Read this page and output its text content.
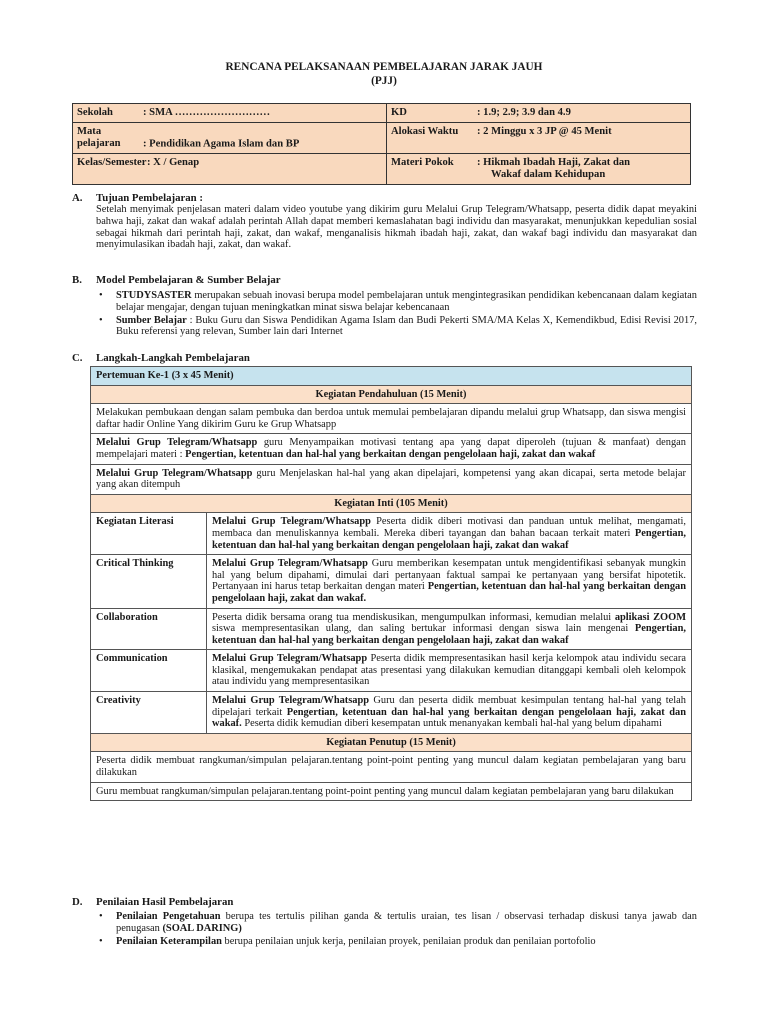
RENCANA PELAKSANAAN PEMBELAJARAN JARAK JAUH
(PJJ)
Sekolah : SMA ………………………	KD : 1.9; 2.9; 3.9 dan 4.9
Mata pelajaran : Pendidikan Agama Islam dan BP	Alokasi Waktu : 2 Minggu x 3 JP @ 45 Menit
Kelas/Semester: X / Genap	Materi Pokok : Hikmah Ibadah Haji, Zakat dan
Wakaf dalam Kehidupan
A. Tujuan Pembelajaran :
Setelah menyimak penjelasan materi dalam video youtube yang dikirim guru Melalui Grup Telegram/Whatsapp, peserta didik dapat meyakini bahwa haji, zakat dan wakaf adalah perintah Allah dapat memberi kemaslahatan bagi individu dan masyarakat, menunjukkan kepedulian sosial sebagai hikmah dari perintah haji, zakat, dan wakaf, menganalisis hikmah ibadah haji, zakat, dan wakaf bagi individu dan masyarakat dan menyimulasikan ibadah haji, zakat, dan wakaf.
B. Model Pembelajaran & Sumber Belajar
• STUDYSASTER merupakan sebuah inovasi berupa model pembelajaran untuk mengintegrasikan pendidikan kebencanaan dalam kegiatan belajar mengajar, dengan tujuan meningkatkan minat siswa belajar kebencanaan
• Sumber Belajar : Buku Guru dan Siswa Pendidikan Agama Islam dan Budi Pekerti SMA/MA Kelas X, Kemendikbud, Edisi Revisi 2017, Buku referensi yang relevan, Sumber lain dari Internet
C. Langkah-Langkah Pembelajaran
Pertemuan Ke-1 (3 x 45 Menit)	
Kegiatan Pendahuluan (15 Menit)	
Melakukan pembukaan dengan salam pembuka dan berdoa untuk memulai pembelajaran dipandu melalui grup Whatsapp, dan siswa mengisi daftar hadir Online Yang dikirim Guru ke Grup Whatsapp	
Melalui Grup Telegram/Whatsapp guru Menyampaikan motivasi tentang apa yang dapat diperoleh (tujuan & manfaat) dengan mempelajari materi : Pengertian, ketentuan dan hal-hal yang berkaitan dengan pengelolaan haji, zakat dan wakaf	
Melalui Grup Telegram/Whatsapp guru Menjelaskan hal-hal yang akan dipelajari, kompetensi yang akan dicapai, serta metode belajar yang akan ditempuh	
Kegiatan Inti (105 Menit)	
Kegiatan Literasi	Melalui Grup Telegram/Whatsapp Peserta didik diberi motivasi dan panduan untuk melihat, mengamati, membaca dan menuliskannya kembali. Mereka diberi tayangan dan bahan bacaan terkait materi Pengertian, ketentuan dan hal-hal yang berkaitan dengan pengelolaan haji, zakat dan wakaf
Critical Thinking	Melalui Grup Telegram/Whatsapp Guru memberikan kesempatan untuk mengidentifikasi sebanyak mungkin hal yang belum dipahami, dimulai dari pertanyaan faktual sampai ke pertanyaan yang bersifat hipotetik. Pertanyaan ini harus tetap berkaitan dengan materi Pengertian, ketentuan dan hal-hal yang berkaitan dengan pengelolaan haji, zakat dan wakaf.
Collaboration	Peserta didik bersama orang tua mendiskusikan, mengumpulkan informasi, kemudian melalui aplikasi ZOOM siswa mempresentasikan ulang, dan saling bertukar informasi dengan siswa lain mengenai Pengertian, ketentuan dan hal-hal yang berkaitan dengan pengelolaan haji, zakat dan wakaf
Communication	Melalui Grup Telegram/Whatsapp Peserta didik mempresentasikan hasil kerja kelompok atau individu secara klasikal, mengemukakan pendapat atas presentasi yang dilakukan kemudian ditanggapi kembali oleh kelompok atau individu yang mempresentasikan
Creativity	Melalui Grup Telegram/Whatsapp Guru dan peserta didik membuat kesimpulan tentang hal-hal yang telah dipelajari terkait Pengertian, ketentuan dan hal-hal yang berkaitan dengan pengelolaan haji, zakat dan wakaf. Peserta didik kemudian diberi kesempatan untuk menanyakan kembali hal-hal yang belum dipahami
Kegiatan Penutup (15 Menit)	
Peserta didik membuat rangkuman/simpulan pelajaran.tentang point-point penting yang muncul dalam kegiatan pembelajaran yang baru dilakukan	
Guru membuat rangkuman/simpulan pelajaran.tentang point-point penting yang muncul dalam kegiatan pembelajaran yang baru dilakukan	
D. Penilaian Hasil Pembelajaran
• Penilaian Pengetahuan berupa tes tertulis pilihan ganda & tertulis uraian, tes lisan / observasi terhadap diskusi tanya jawab dan penugasan (SOAL DARING)
• Penilaian Keterampilan berupa penilaian unjuk kerja, penilaian proyek, penilaian produk dan penilaian portofolio
